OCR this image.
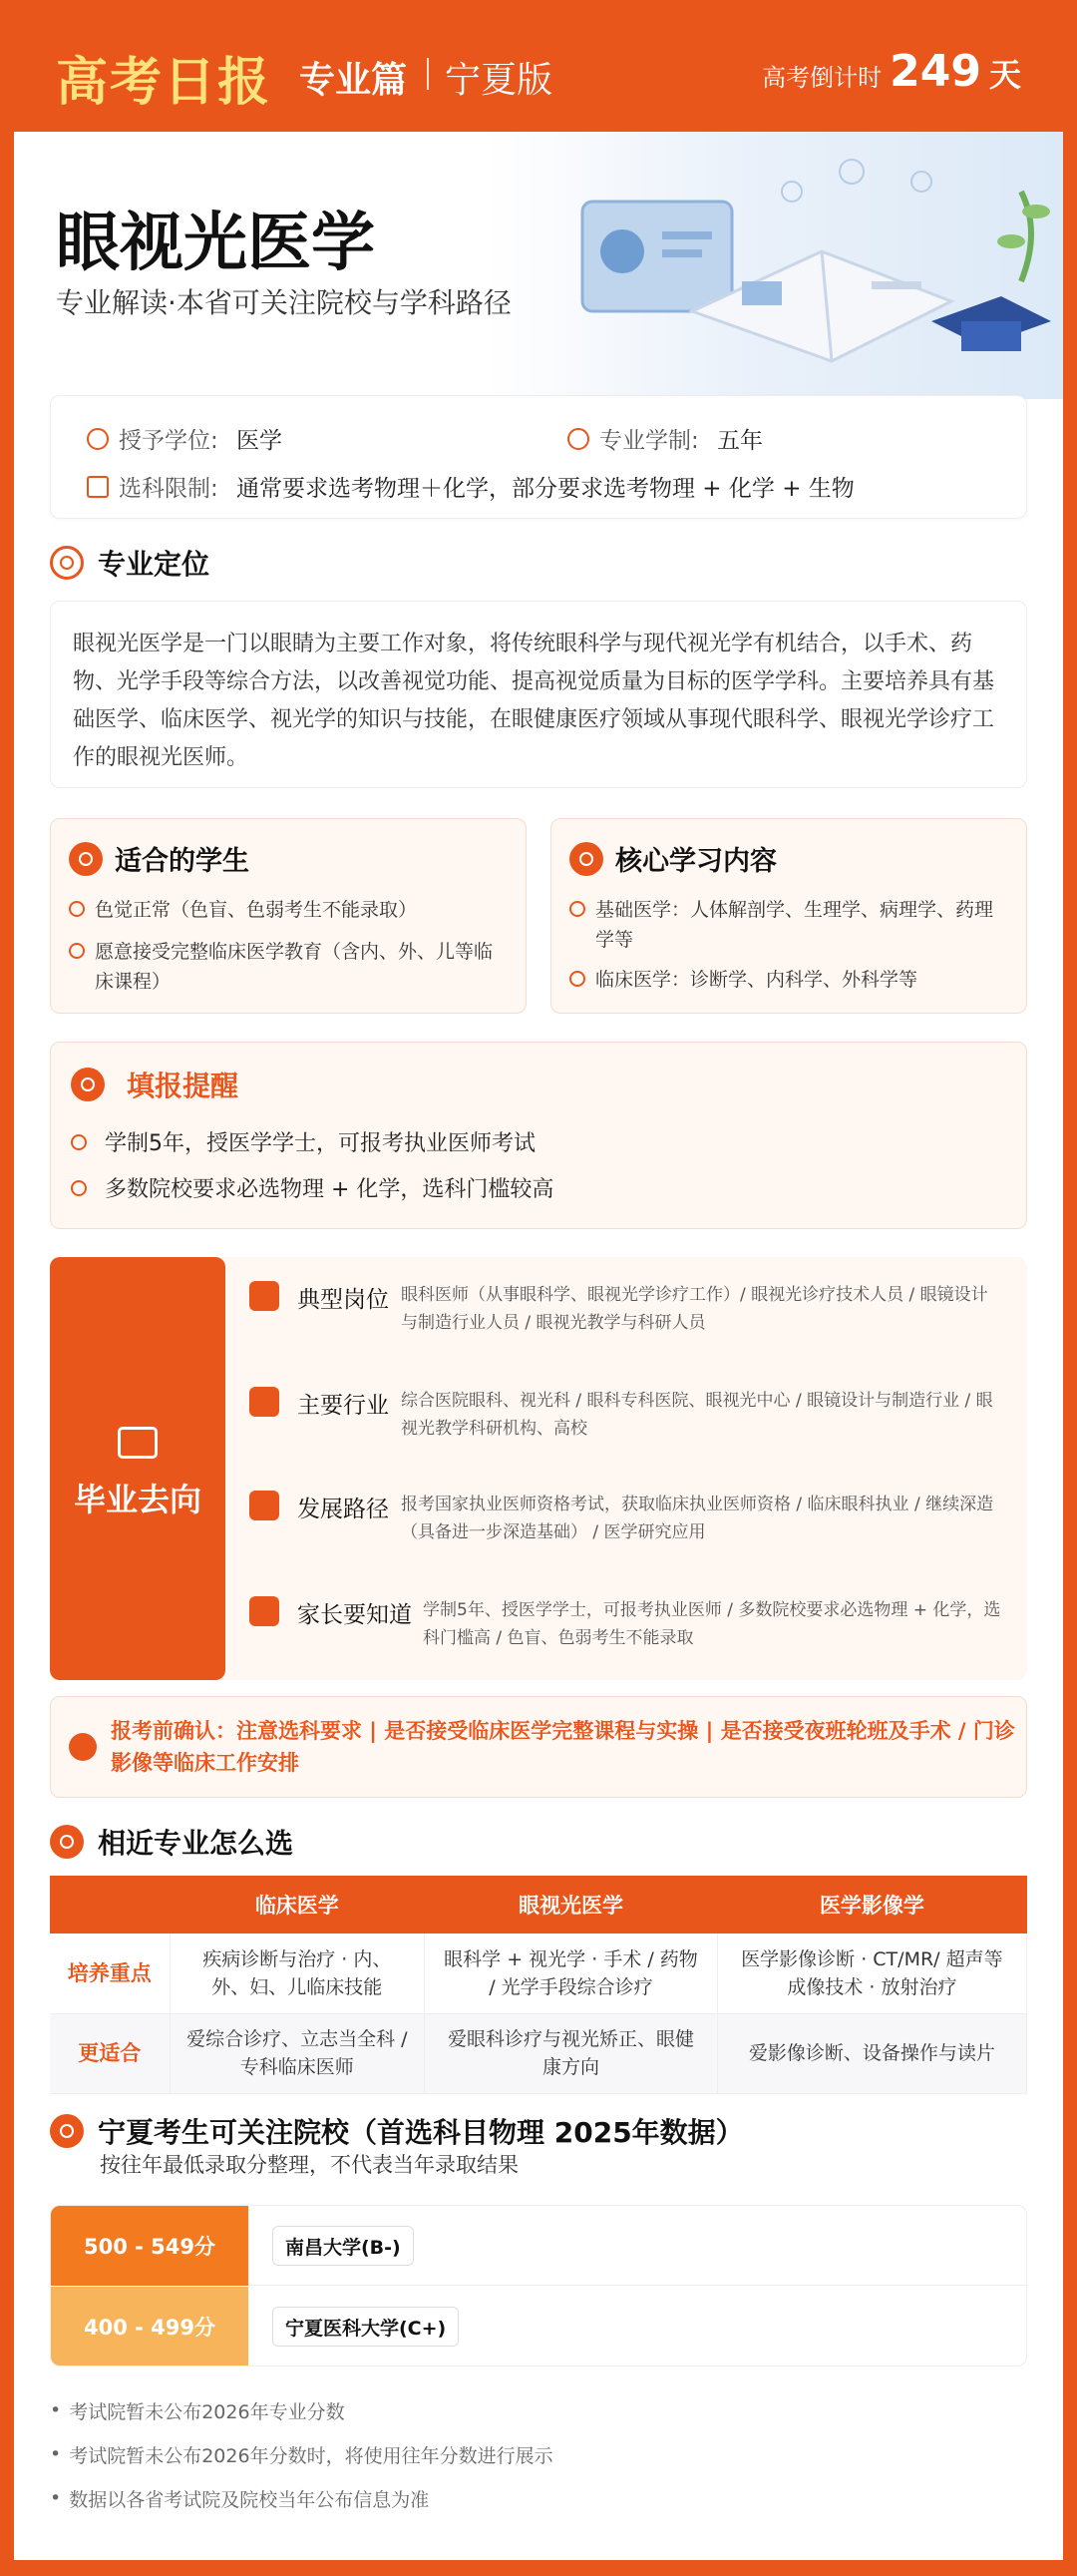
高考日报 专业篇 宁夏版	高考倒计时 249 天
眼视光医学
专业解读·本省可关注院校与学科路径
授予学位: 医学	专业学制: 五年
选科限制: 通常要求选考物理＋化学，部分要求选考物理 + 化学 + 生物
专业定位
眼视光医学是一门以眼睛为主要工作对象，将传统眼科学与现代视光学有机结合，以手术、药物、光学手段等综合方法，以改善视觉功能、提高视觉质量为目标的医学学科。主要培养具有基础医学、临床医学、视光学的知识与技能，在眼健康医疗领域从事现代眼科学、眼视光学诊疗工作的眼视光医师。
适合的学生
色觉正常（色盲、色弱考生不能录取）
愿意接受完整临床医学教育（含内、外、儿等临床课程）
核心学习内容
基础医学：人体解剖学、生理学、病理学、药理学等
临床医学：诊断学、内科学、外科学等
填报提醒
学制5年，授医学学士，可报考执业医师考试
多数院校要求必选物理 + 化学，选科门槛较高
毕业去向
典型岗位 眼科医师（从事眼科学、眼视光学诊疗工作）/ 眼视光诊疗技术人员 / 眼镜设计与制造行业人员 / 眼视光教学与科研人员
主要行业 综合医院眼科、视光科 / 眼科专科医院、眼视光中心 / 眼镜设计与制造行业 / 眼视光教学科研机构、高校
发展路径 报考国家执业医师资格考试，获取临床执业医师资格 / 临床眼科执业 / 继续深造（具备进一步深造基础） / 医学研究应用
家长要知道 学制5年、授医学学士，可报考执业医师 / 多数院校要求必选物理 + 化学，选科门槛高 / 色盲、色弱考生不能录取
报考前确认：注意选科要求 | 是否接受临床医学完整课程与实操 | 是否接受夜班轮班及手术 / 门诊影像等临床工作安排
相近专业怎么选
	临床医学	眼视光医学	医学影像学
培养重点	疾病诊断与治疗 · 内、外、妇、儿临床技能	眼科学 + 视光学 · 手术 / 药物 / 光学手段综合诊疗	医学影像诊断 · CT/MR/ 超声等成像技术 · 放射治疗
更适合	爱综合诊疗、立志当全科 / 专科临床医师	爱眼科诊疗与视光矫正、眼健康方向	爱影像诊断、设备操作与读片
宁夏考生可关注院校（首选科目物理 2025年数据）
按往年最低录取分整理，不代表当年录取结果
500 - 549分	南昌大学(B-)
400 - 499分	宁夏医科大学(C+)
• 考试院暂未公布2026年专业分数
• 考试院暂未公布2026年分数时，将使用往年分数进行展示
• 数据以各省考试院及院校当年公布信息为准
